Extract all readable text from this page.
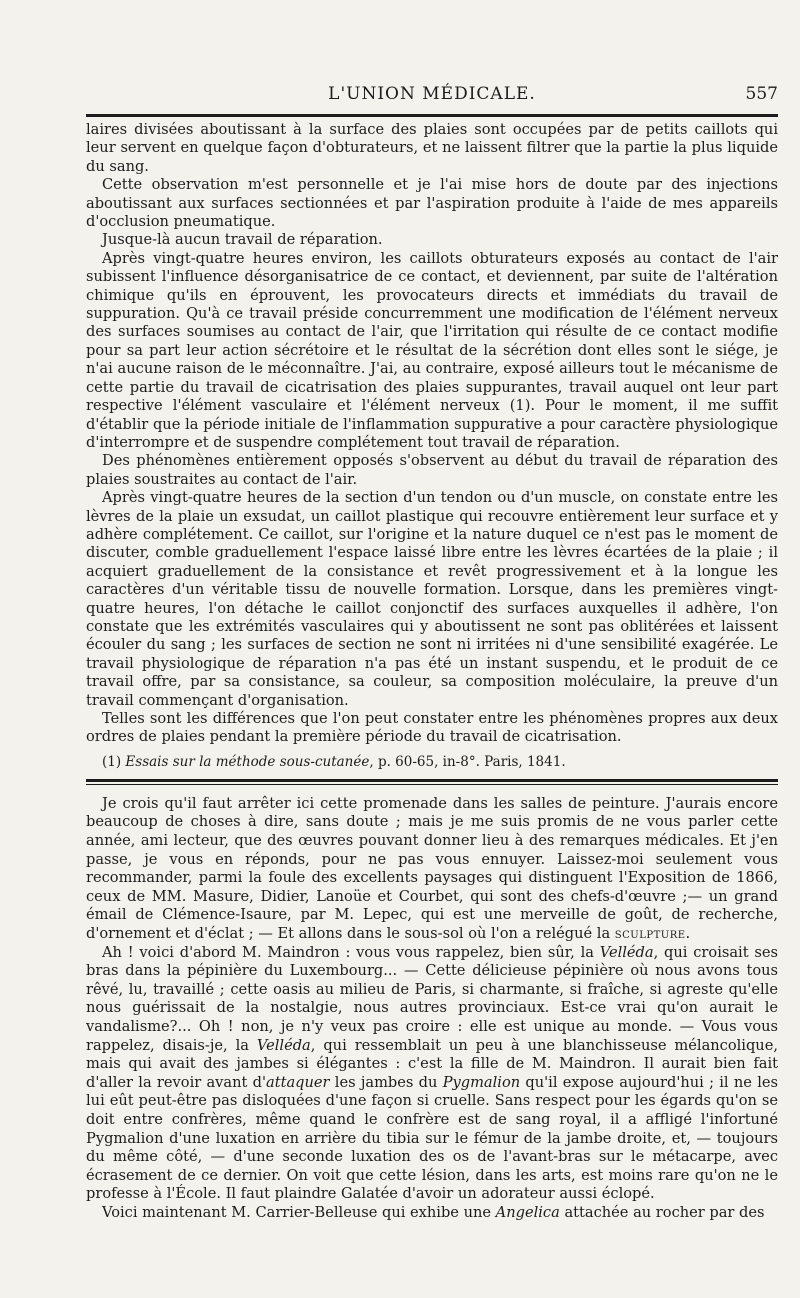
L'UNION MÉDICALE.	557

laires divisées aboutissant à la surface des plaies sont occupées par de petits caillots qui leur servent en quelque façon d'obturateurs, et ne laissent filtrer que la partie la plus liquide du sang.

Cette observation m'est personnelle et je l'ai mise hors de doute par des injections aboutissant aux surfaces sectionnées et par l'aspiration produite à l'aide de mes appareils d'occlusion pneumatique.

Jusque-là aucun travail de réparation.

Après vingt-quatre heures environ, les caillots obturateurs exposés au contact de l'air subissent l'influence désorganisatrice de ce contact, et deviennent, par suite de l'altération chimique qu'ils en éprouvent, les provocateurs directs et immédiats du travail de suppuration. Qu'à ce travail préside concurremment une modification de l'élément nerveux des surfaces soumises au contact de l'air, que l'irritation qui résulte de ce contact modifie pour sa part leur action sécrétoire et le résultat de la sécrétion dont elles sont le siége, je n'ai aucune raison de le méconnaître. J'ai, au contraire, exposé ailleurs tout le mécanisme de cette partie du travail de cicatrisation des plaies suppurantes, travail auquel ont leur part respective l'élément vasculaire et l'élément nerveux (1). Pour le moment, il me suffit d'établir que la période initiale de l'inflammation suppurative a pour caractère physiologique d'interrompre et de suspendre complétement tout travail de réparation.

Des phénomènes entièrement opposés s'observent au début du travail de réparation des plaies soustraites au contact de l'air.

Après vingt-quatre heures de la section d'un tendon ou d'un muscle, on constate entre les lèvres de la plaie un exsudat, un caillot plastique qui recouvre entièrement leur surface et y adhère complétement. Ce caillot, sur l'origine et la nature duquel ce n'est pas le moment de discuter, comble graduellement l'espace laissé libre entre les lèvres écartées de la plaie ; il acquiert graduellement de la consistance et revêt progressivement et à la longue les caractères d'un véritable tissu de nouvelle formation. Lorsque, dans les premières vingt-quatre heures, l'on détache le caillot conjonctif des surfaces auxquelles il adhère, l'on constate que les extrémités vasculaires qui y aboutissent ne sont pas oblitérées et laissent écouler du sang ; les surfaces de section ne sont ni irritées ni d'une sensibilité exagérée. Le travail physiologique de réparation n'a pas été un instant suspendu, et le produit de ce travail offre, par sa consistance, sa couleur, sa composition moléculaire, la preuve d'un travail commençant d'organisation.

Telles sont les différences que l'on peut constater entre les phénomènes propres aux deux ordres de plaies pendant la première période du travail de cicatrisation.

(1) Essais sur la méthode sous-cutanée, p. 60-65, in-8°. Paris, 1841.

Je crois qu'il faut arrêter ici cette promenade dans les salles de peinture. J'aurais encore beaucoup de choses à dire, sans doute ; mais je me suis promis de ne vous parler cette année, ami lecteur, que des œuvres pouvant donner lieu à des remarques médicales. Et j'en passe, je vous en réponds, pour ne pas vous ennuyer. Laissez-moi seulement vous recommander, parmi la foule des excellents paysages qui distinguent l'Exposition de 1866, ceux de MM. Masure, Didier, Lanoüe et Courbet, qui sont des chefs-d'œuvre ;— un grand émail de Clémence-Isaure, par M. Lepec, qui est une merveille de goût, de recherche, d'ornement et d'éclat ; — Et allons dans le sous-sol où l'on a relégué la sculpture.

Ah ! voici d'abord M. Maindron : vous vous rappelez, bien sûr, la Velléda, qui croisait ses bras dans la pépinière du Luxembourg... — Cette délicieuse pépinière où nous avons tous rêvé, lu, travaillé ; cette oasis au milieu de Paris, si charmante, si fraîche, si agreste qu'elle nous guérissait de la nostalgie, nous autres provinciaux. Est-ce vrai qu'on aurait le vandalisme?... Oh ! non, je n'y veux pas croire : elle est unique au monde. — Vous vous rappelez, disais-je, la Velléda, qui ressemblait un peu à une blanchisseuse mélancolique, mais qui avait des jambes si élégantes : c'est la fille de M. Maindron. Il aurait bien fait d'aller la revoir avant d'attaquer les jambes du Pygmalion qu'il expose aujourd'hui ; il ne les lui eût peut-être pas disloquées d'une façon si cruelle. Sans respect pour les égards qu'on se doit entre confrères, même quand le confrère est de sang royal, il a affligé l'infortuné Pygmalion d'une luxation en arrière du tibia sur le fémur de la jambe droite, et, — toujours du même côté, — d'une seconde luxation des os de l'avant-bras sur le métacarpe, avec écrasement de ce dernier. On voit que cette lésion, dans les arts, est moins rare qu'on ne le professe à l'École. Il faut plaindre Galatée d'avoir un adorateur aussi éclopé.

Voici maintenant M. Carrier-Belleuse qui exhibe une Angelica attachée au rocher par des
